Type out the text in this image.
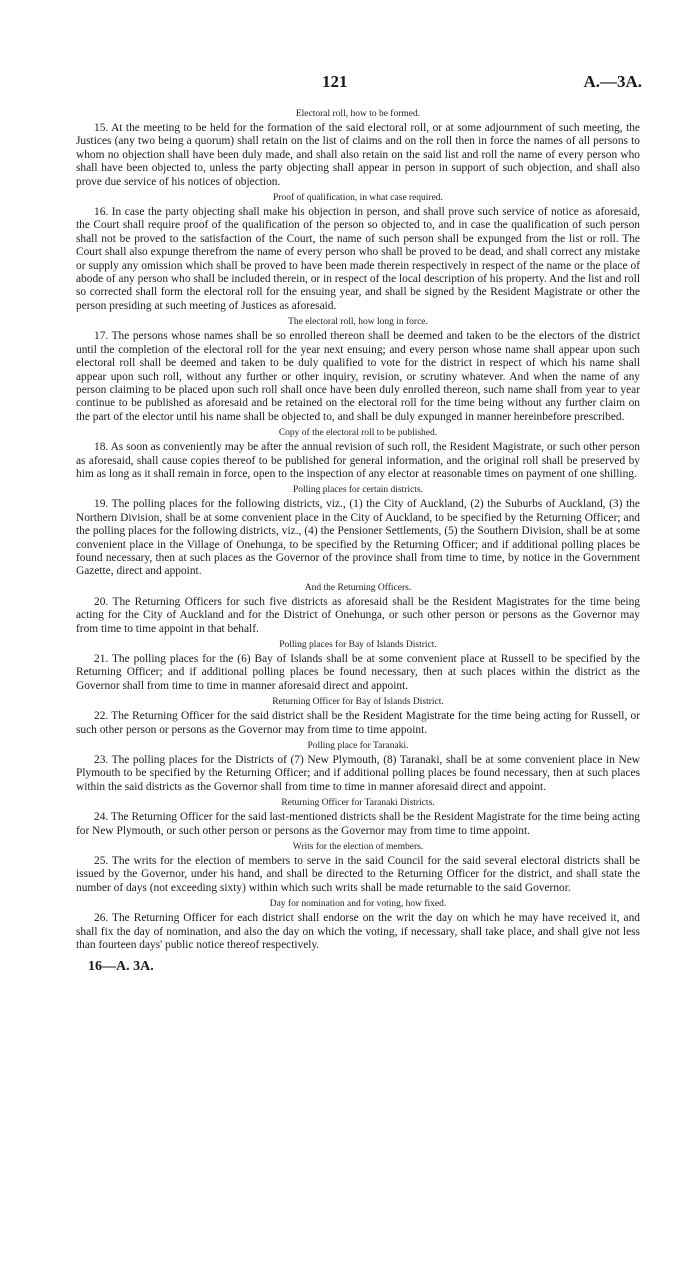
121	A.—3A.

Electoral roll, how to be formed.

15. At the meeting to be held for the formation of the said electoral roll, or at some adjournment of such meeting, the Justices (any two being a quorum) shall retain on the list of claims and on the roll then in force the names of all persons to whom no objection shall have been duly made, and shall also retain on the said list and roll the name of every person who shall have been objected to, unless the party objecting shall appear in person in support of such objection, and shall also prove due service of his notices of objection.

Proof of qualification, in what case required.

16. In case the party objecting shall make his objection in person, and shall prove such service of notice as aforesaid, the Court shall require proof of the qualification of the person so objected to, and in case the qualification of such person shall not be proved to the satisfaction of the Court, the name of such person shall be expunged from the list or roll. The Court shall also expunge therefrom the name of every person who shall be proved to be dead, and shall correct any mistake or supply any omission which shall be proved to have been made therein respectively in respect of the name or the place of abode of any person who shall be included therein, or in respect of the local description of his property. And the list and roll so corrected shall form the electoral roll for the ensuing year, and shall be signed by the Resident Magistrate or other the person presiding at such meeting of Justices as aforesaid.

The electoral roll, how long in force.

17. The persons whose names shall be so enrolled thereon shall be deemed and taken to be the electors of the district until the completion of the electoral roll for the year next ensuing; and every person whose name shall appear upon such electoral roll shall be deemed and taken to be duly qualified to vote for the district in respect of which his name shall appear upon such roll, without any further or other inquiry, revision, or scrutiny whatever. And when the name of any person claiming to be placed upon such roll shall once have been duly enrolled thereon, such name shall from year to year continue to be published as aforesaid and be retained on the electoral roll for the time being without any further claim on the part of the elector until his name shall be objected to, and shall be duly expunged in manner hereinbefore prescribed.

Copy of the electoral roll to be published.

18. As soon as conveniently may be after the annual revision of such roll, the Resident Magistrate, or such other person as aforesaid, shall cause copies thereof to be published for general information, and the original roll shall be preserved by him as long as it shall remain in force, open to the inspection of any elector at reasonable times on payment of one shilling.

Polling places for certain districts.

19. The polling places for the following districts, viz., (1) the City of Auckland, (2) the Suburbs of Auckland, (3) the Northern Division, shall be at some convenient place in the City of Auckland, to be specified by the Returning Officer; and the polling places for the following districts, viz., (4) the Pensioner Settlements, (5) the Southern Division, shall be at some convenient place in the Village of Onehunga, to be specified by the Returning Officer; and if additional polling places be found necessary, then at such places as the Governor of the province shall from time to time, by notice in the Government Gazette, direct and appoint.

And the Returning Officers.

20. The Returning Officers for such five districts as aforesaid shall be the Resident Magistrates for the time being acting for the City of Auckland and for the District of Onehunga, or such other person or persons as the Governor may from time to time appoint in that behalf.

Polling places for Bay of Islands District.

21. The polling places for the (6) Bay of Islands shall be at some convenient place at Russell to be specified by the Returning Officer; and if additional polling places be found necessary, then at such places within the district as the Governor shall from time to time in manner aforesaid direct and appoint.

Returning Officer for Bay of Islands District.

22. The Returning Officer for the said district shall be the Resident Magistrate for the time being acting for Russell, or such other person or persons as the Governor may from time to time appoint.

Polling place for Taranaki.

23. The polling places for the Districts of (7) New Plymouth, (8) Taranaki, shall be at some convenient place in New Plymouth to be specified by the Returning Officer; and if additional polling places be found necessary, then at such places within the said districts as the Governor shall from time to time in manner aforesaid direct and appoint.

Returning Officer for Taranaki Districts.

24. The Returning Officer for the said last-mentioned districts shall be the Resident Magistrate for the time being acting for New Plymouth, or such other person or persons as the Governor may from time to time appoint.

Writs for the election of members.

25. The writs for the election of members to serve in the said Council for the said several electoral districts shall be issued by the Governor, under his hand, and shall be directed to the Returning Officer for the district, and shall state the number of days (not exceeding sixty) within which such writs shall be made returnable to the said Governor.

Day for nomination and for voting, how fixed.

26. The Returning Officer for each district shall endorse on the writ the day on which he may have received it, and shall fix the day of nomination, and also the day on which the voting, if necessary, shall take place, and shall give not less than fourteen days' public notice thereof respectively.

16—A. 3A.
